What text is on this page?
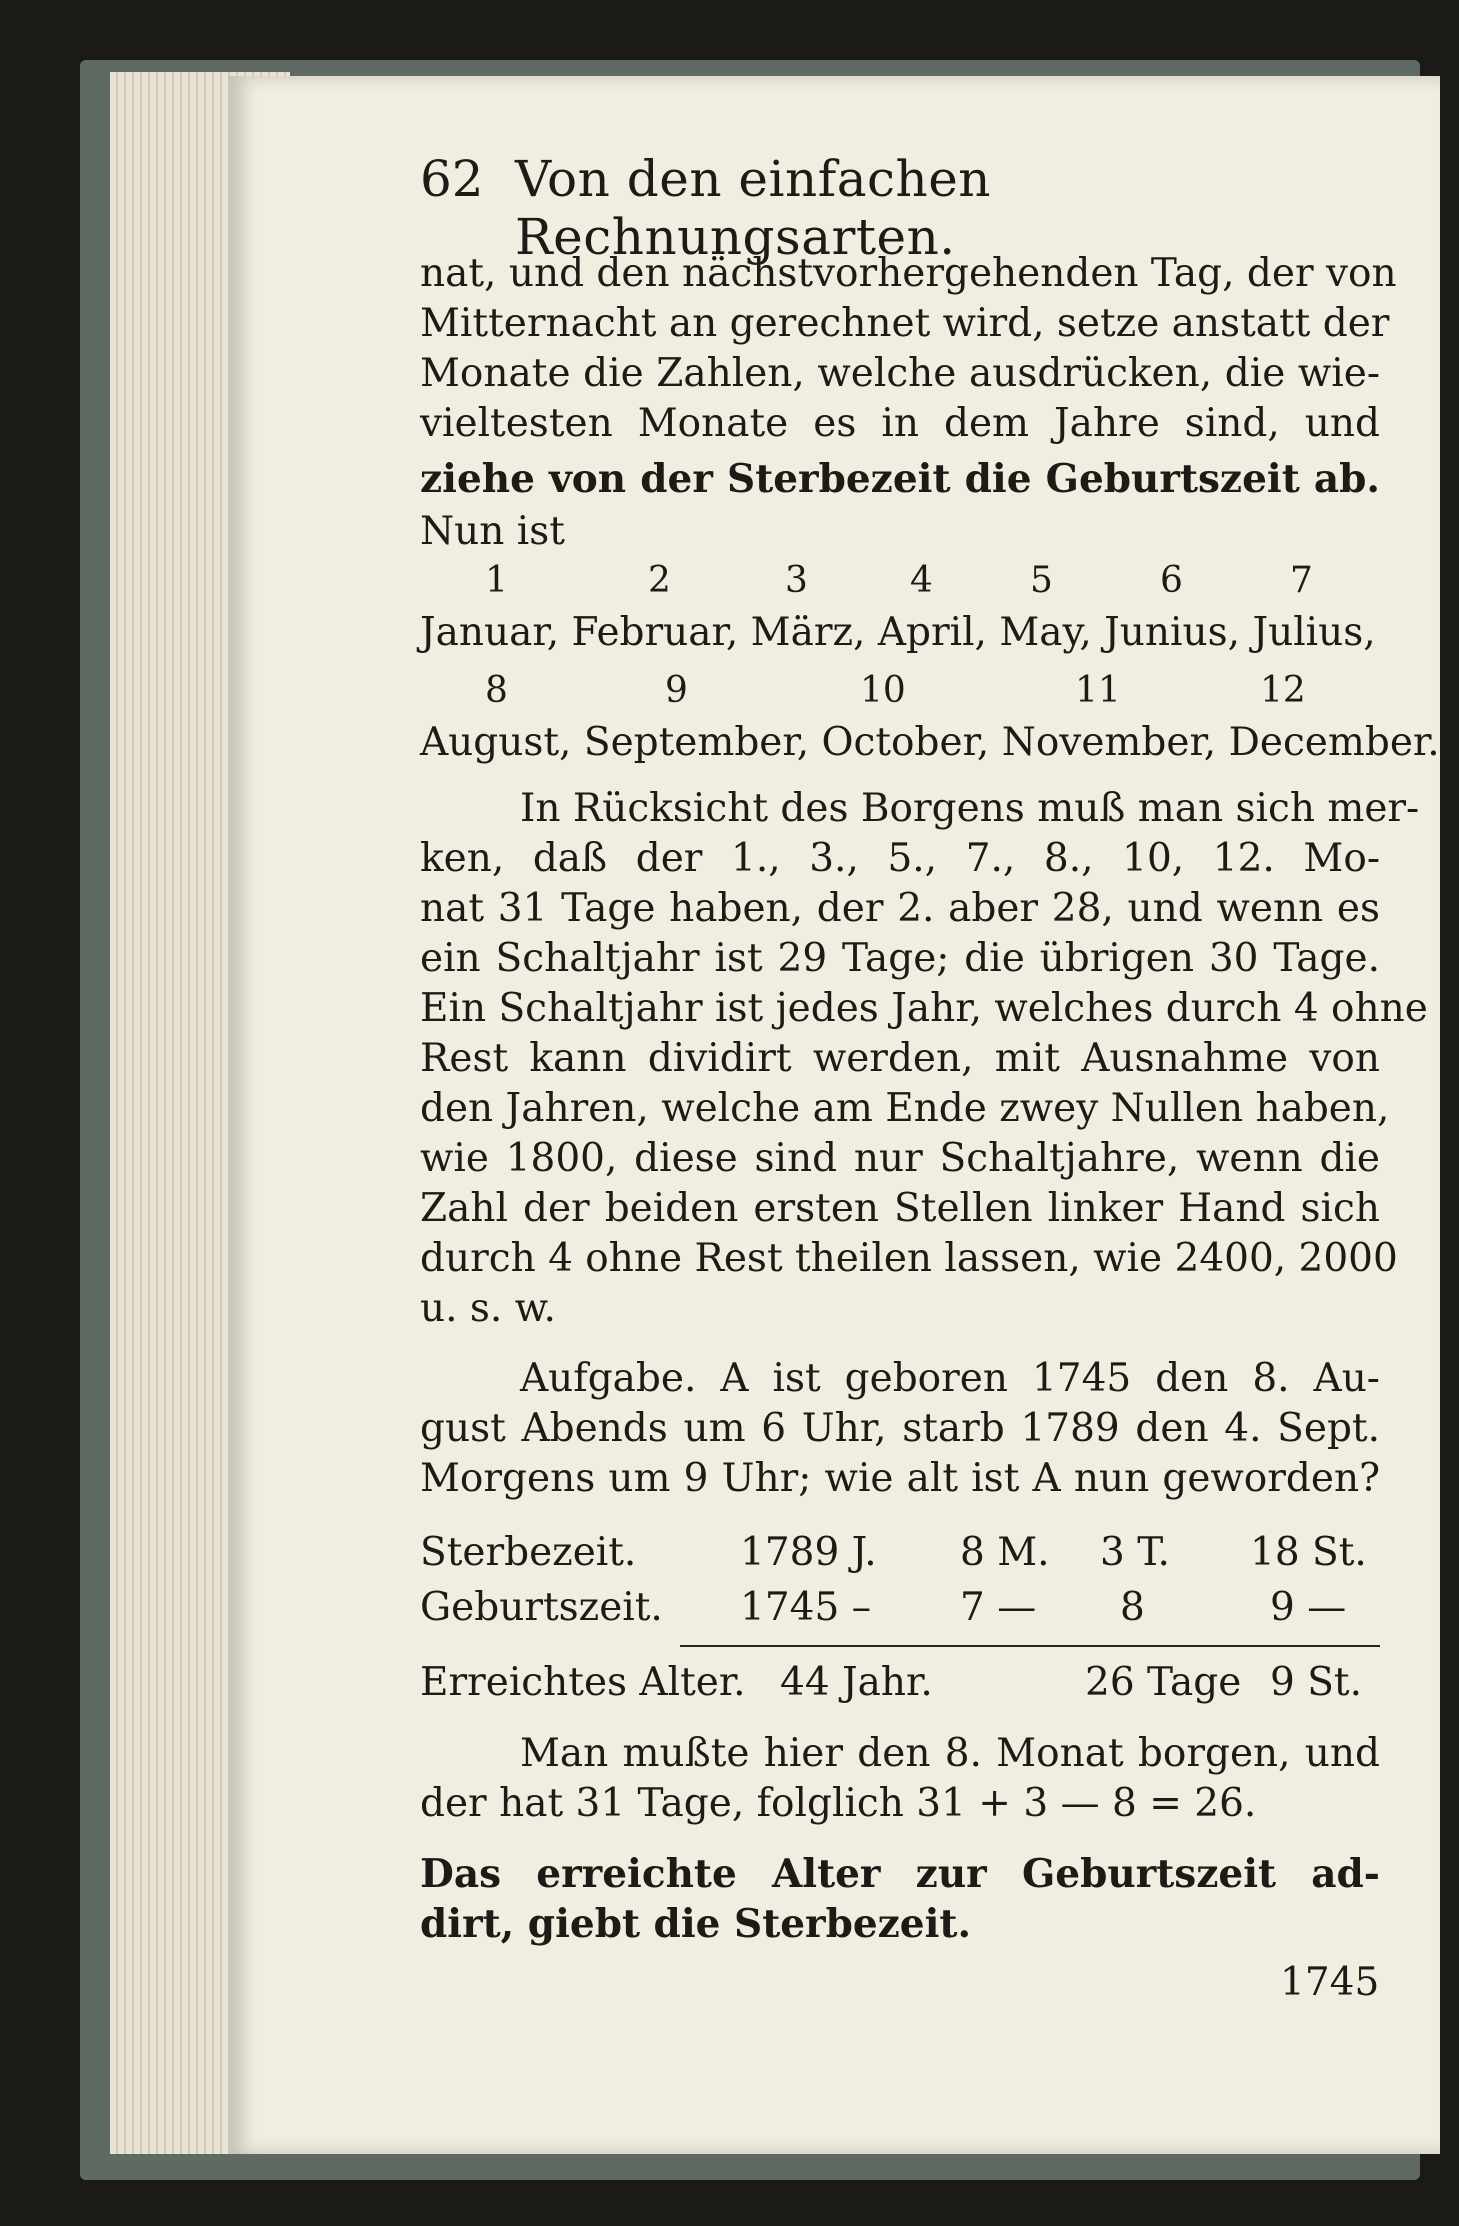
62 Von den einfachen Rechnungsarten.
nat, und den nächstvorhergehenden Tag, der von
Mitternacht an gerechnet wird, setze anstatt der
Monate die Zahlen, welche ausdrücken, die wie-
vieltesten Monate es in dem Jahre sind, und
ziehe von der Sterbezeit die Geburtszeit ab.
Nun ist
1	2	3	4	5	6	7
Januar, Februar, März, April, May, Junius, Julius,
8	9	10	11	12
August, September, October, November, December.
In Rücksicht des Borgens muß man sich mer-
ken, daß der 1., 3., 5., 7., 8., 10, 12. Mo-
nat 31 Tage haben, der 2. aber 28, und wenn es
ein Schaltjahr ist 29 Tage; die übrigen 30 Tage.
Ein Schaltjahr ist jedes Jahr, welches durch 4 ohne
Rest kann dividirt werden, mit Ausnahme von
den Jahren, welche am Ende zwey Nullen haben,
wie 1800, diese sind nur Schaltjahre, wenn die
Zahl der beiden ersten Stellen linker Hand sich
durch 4 ohne Rest theilen lassen, wie 2400, 2000
u. s. w.
Aufgabe. A ist geboren 1745 den 8. Au-
gust Abends um 6 Uhr, starb 1789 den 4. Sept.
Morgens um 9 Uhr; wie alt ist A nun geworden?
Sterbezeit.	1789 J. 8 M. 3 T. 18 St.
Geburtszeit. 1745 – 7 — 8	9 —
Erreichtes Alter. 44 Jahr.	26 Tage 9 St.
Man mußte hier den 8. Monat borgen, und
der hat 31 Tage, folglich 31 + 3 — 8 = 26.
Das erreichte Alter zur Geburtszeit ad-
dirt, giebt die Sterbezeit.
1745
